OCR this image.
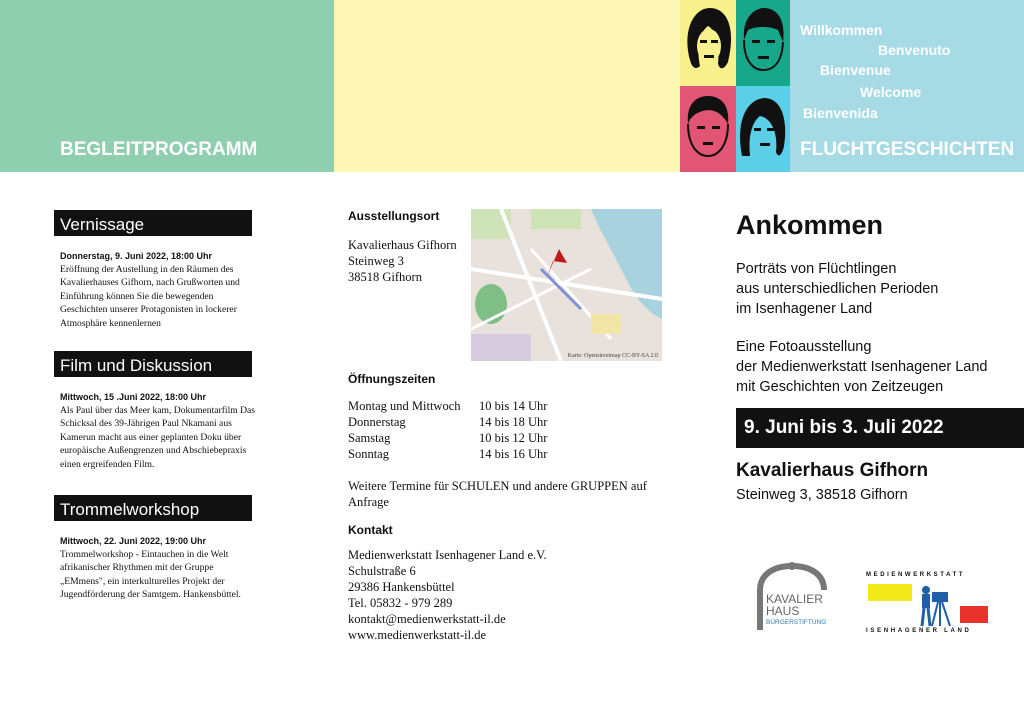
BEGLEITPROGRAMM	FLUCHTGESCHICHTEN
Willkommen
Benvenuto
Bienvenue
Welcome
Bienvenida
Vernissage
Donnerstag, 9. Juni 2022, 18:00 Uhr
Eröffnung der Austellung in den Räumen des Kavalierhauses Gifhorn, nach Grußworten und Einführung können Sie die bewegenden Geschichten unserer Protagonisten in lockerer Atmosphäre kennenlernen
Film und Diskussion
Mittwoch, 15 .Juni 2022, 18:00 Uhr
Als Paul über das Meer kam, Dokumentarfilm Das Schicksal des 39-Jährigen Paul Nkamani aus Kamerun macht aus einer geplanten Doku über europäische Außengrenzen und Abschiebepraxis einen ergreifenden Film.
Trommelworkshop
Mittwoch, 22. Juni 2022, 19:00 Uhr
Trommelworkshop - Eintauchen in die Welt afrikanischer Rhythmen mit der Gruppe „EMmens", ein interkulturelles Projekt der Jugendförderung der Samtgem. Hankensbüttel.
Ausstellungsort
Kavalierhaus Gifhorn
Steinweg 3
38518 Gifhorn
Karte: Openstreetmap CC-BY-SA 2.0
Öffnungszeiten
Montag und Mittwoch	10 bis 14 Uhr
Donnerstag	14 bis 18 Uhr
Samstag	10 bis 12 Uhr
Sonntag	14 bis 16 Uhr
Weitere Termine für SCHULEN und andere GRUPPEN auf Anfrage
Kontakt
Medienwerkstatt Isenhagener Land e.V.
Schulstraße 6
29386 Hankensbüttel
Tel. 05832 - 979 289
kontakt@medienwerkstatt-il.de
www.medienwerkstatt-il.de
Ankommen
Porträts von Flüchtlingen
aus unterschiedlichen Perioden
im Isenhagener Land
Eine Fotoausstellung
der Medienwerkstatt Isenhagener Land
mit Geschichten von Zeitzeugen
9. Juni bis 3. Juli 2022
Kavalierhaus Gifhorn
Steinweg 3, 38518 Gifhorn
KAVALIER
HAUS
BÜRGERSTIFTUNG
MEDIENWERKSTATT
ISENHAGENER LAND
